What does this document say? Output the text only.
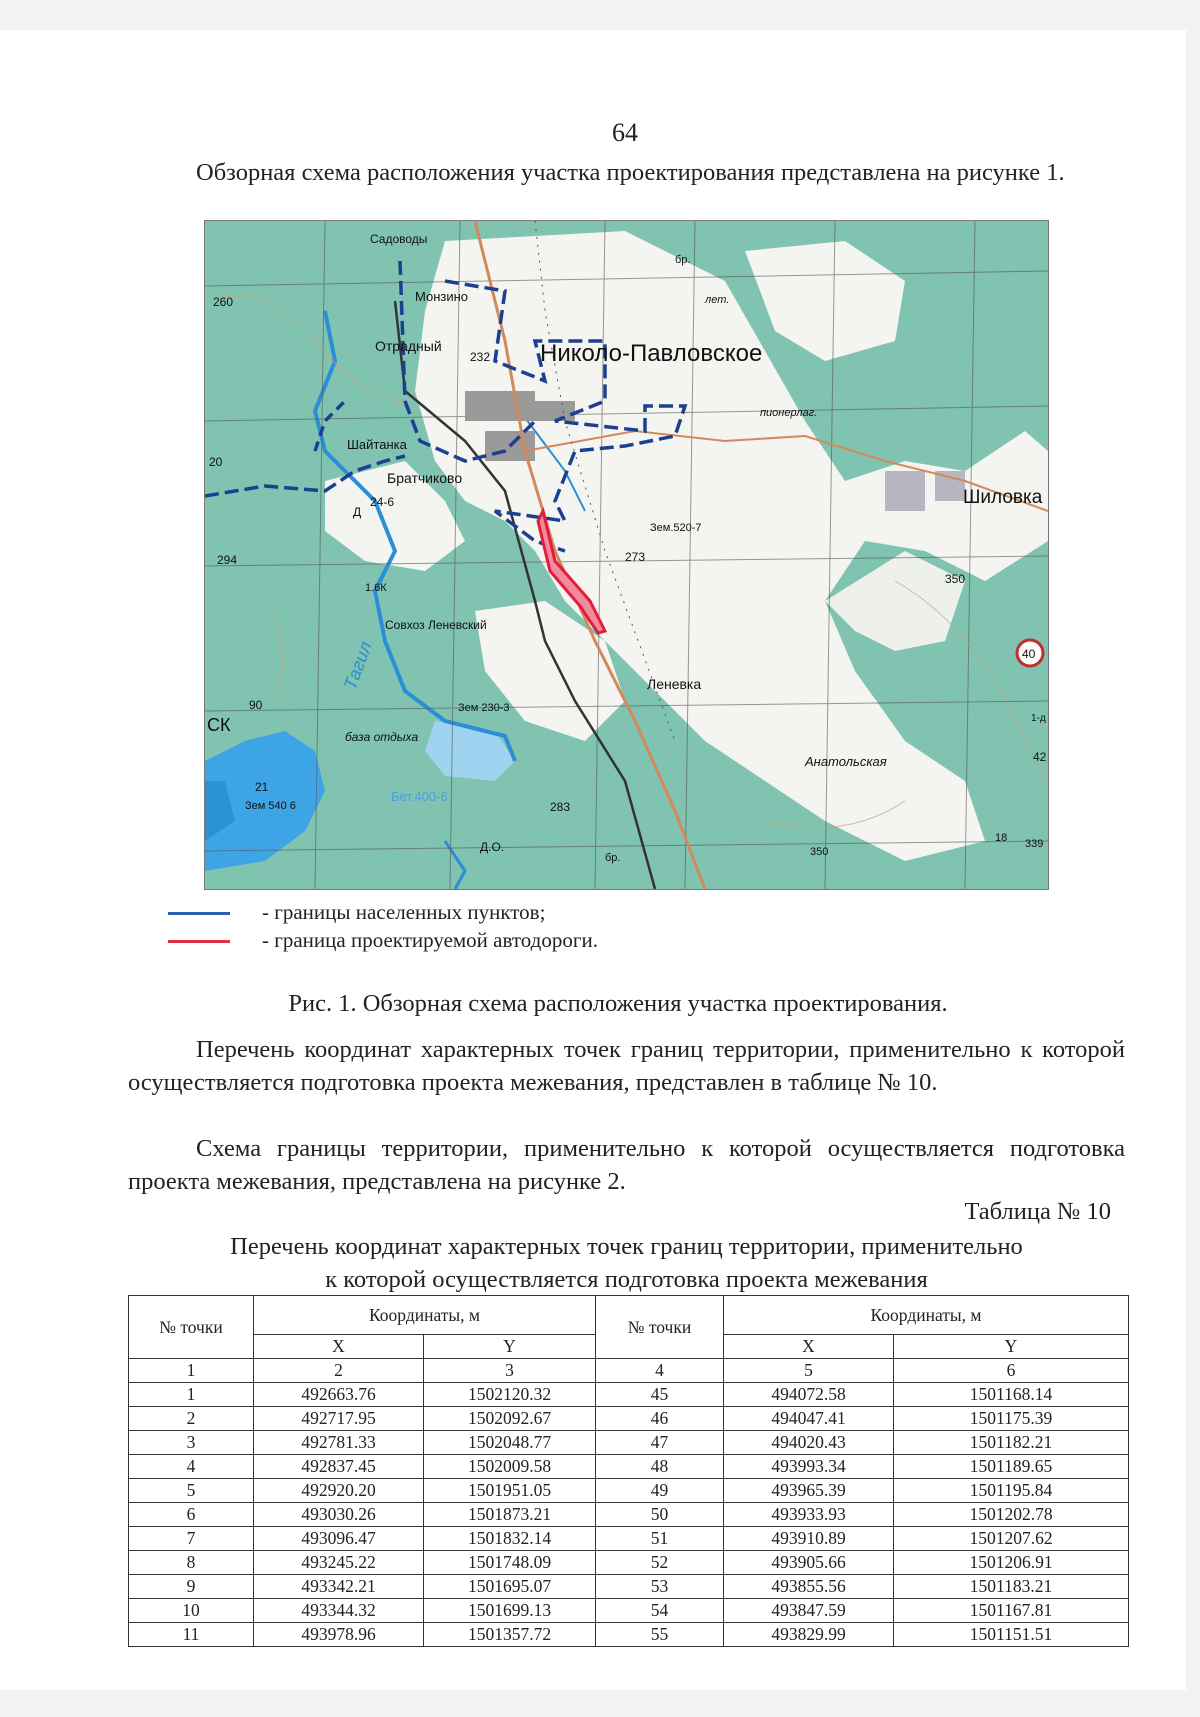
64

Обзорная схема расположения участка проектирования представлена на рисунке 1.

Николо-Павловское
Шиловка
Братчиково
Отрадный
Монзино
Шайтанка
Совхоз Леневский
Леневка
Анатольская
база отдыха
Садоводы
пионерлаг.
лет.
Зем.520-7
Зем 230-3
Бет.400-6
Зем 540 6
Тагил
260
232
294	273
350
283
40
21
20
90
24-6
42
18 339
350
1.6К
бр.
бр.
Д.О.
Д
СК	1-д
- границы населенных пунктов;
- граница проектируемой автодороги.
Рис. 1. Обзорная схема расположения участка проектирования.

Перечень координат характерных точек границ территории, применительно к которой осуществляется подготовка проекта межевания, представлен в таблице № 10.

Схема границы территории, применительно к которой осуществляется подготовка проекта межевания, представлена на рисунке 2.

Таблица № 10
Перечень координат характерных точек границ территории, применительно
к которой осуществляется подготовка проекта межевания
№ точки	Координаты, м		№ точки	Координаты, м	
	X	Y		X	Y
1	2	3	4	5	6
1	492663.76	1502120.32	45	494072.58	1501168.14
2	492717.95	1502092.67	46	494047.41	1501175.39
3	492781.33	1502048.77	47	494020.43	1501182.21
4	492837.45	1502009.58	48	493993.34	1501189.65
5	492920.20	1501951.05	49	493965.39	1501195.84
6	493030.26	1501873.21	50	493933.93	1501202.78
7	493096.47	1501832.14	51	493910.89	1501207.62
8	493245.22	1501748.09	52	493905.66	1501206.91
9	493342.21	1501695.07	53	493855.56	1501183.21
10	493344.32	1501699.13	54	493847.59	1501167.81
11	493978.96	1501357.72	55	493829.99	1501151.51
